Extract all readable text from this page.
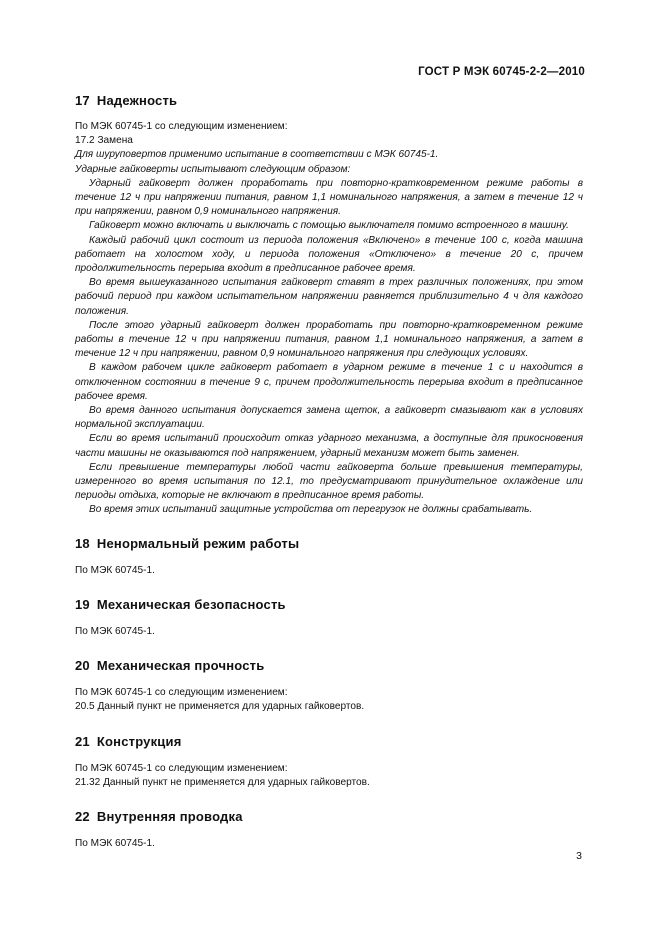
ГОСТ Р МЭК 60745-2-2—2010
17 Надежность

По МЭК 60745-1 со следующим изменением:

17.2 Замена

Для шуруповертов применимо испытание в соответствии с МЭК 60745-1.

Ударные гайковерты испытывают следующим образом:

Ударный гайковерт должен проработать при повторно-кратковременном режиме работы в течение 12 ч при напряжении питания, равном 1,1 номинального напряжения, а затем в течение 12 ч при напряжении, равном 0,9 номинального напряжения.

Гайковерт можно включать и выключать с помощью выключателя помимо встроенного в машину.

Каждый рабочий цикл состоит из периода положения «Включено» в течение 100 с, когда машина работает на холостом ходу, и периода положения «Отключено» в течение 20 с, причем продолжительность перерыва входит в предписанное рабочее время.

Во время вышеуказанного испытания гайковерт ставят в трех различных положениях, при этом рабочий период при каждом испытательном напряжении равняется приблизительно 4 ч для каждого положения.

После этого ударный гайковерт должен проработать при повторно-кратковременном режиме работы в течение 12 ч при напряжении питания, равном 1,1 номинального напряжения, а затем в течение 12 ч при напряжении, равном 0,9 номинального напряжения при следующих условиях.

В каждом рабочем цикле гайковерт работает в ударном режиме в течение 1 с и находится в отключенном состоянии в течение 9 с, причем продолжительность перерыва входит в предписанное рабочее время.

Во время данного испытания допускается замена щеток, а гайковерт смазывают как в условиях нормальной эксплуатации.

Если во время испытаний происходит отказ ударного механизма, а доступные для прикосновения части машины не оказываются под напряжением, ударный механизм может быть заменен.

Если превышение температуры любой части гайковерта больше превышения температуры, измеренного во время испытания по 12.1, то предусматривают принудительное охлаждение или периоды отдыха, которые не включают в предписанное время работы.

Во время этих испытаний защитные устройства от перегрузок не должны срабатывать.

18 Ненормальный режим работы

По МЭК 60745-1.

19 Механическая безопасность

По МЭК 60745-1.

20 Механическая прочность

По МЭК 60745-1 со следующим изменением:

20.5 Данный пункт не применяется для ударных гайковертов.

21 Конструкция

По МЭК 60745-1 со следующим изменением:

21.32 Данный пункт не применяется для ударных гайковертов.

22 Внутренняя проводка

По МЭК 60745-1.

3
